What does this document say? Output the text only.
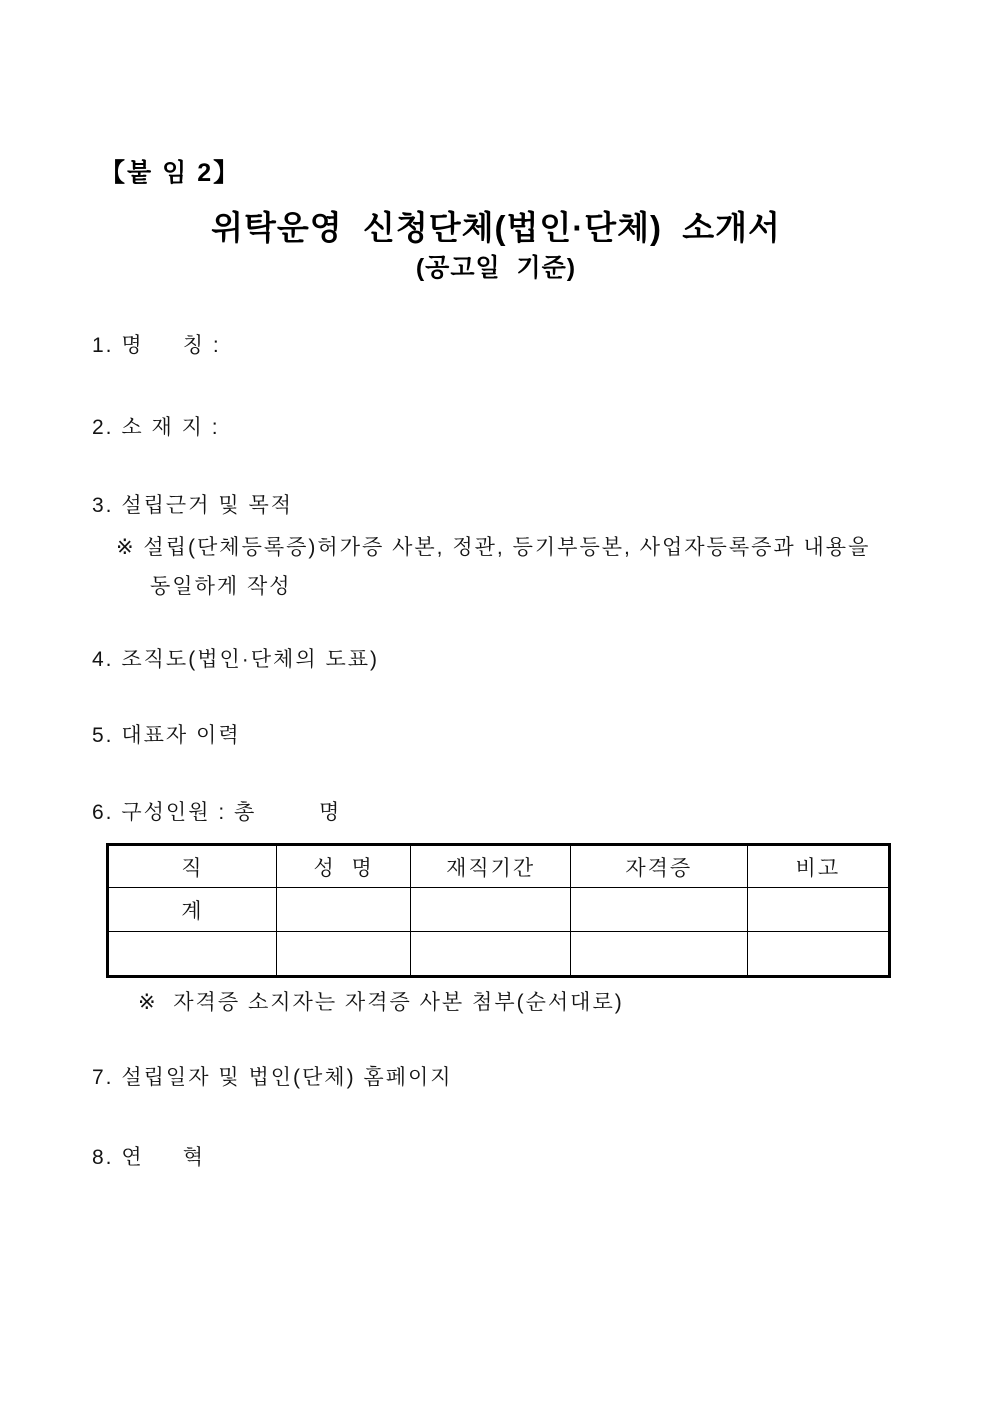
【붙 임 2】
위탁운영  신청단체(법인·단체)  소개서
(공고일  기준)
1. 명     칭 :
2. 소 재 지 :
3. 설립근거 및 목적
※ 설립(단체등록증)허가증 사본, 정관, 등기부등본, 사업자등록증과 내용을
동일하게 작성
4. 조직도(법인·단체의 도표)
5. 대표자 이력
6. 구성인원 : 총        명
직	성  명	재직기간	자격증	비고
계				

※  자격증 소지자는 자격증 사본 첨부(순서대로)
7. 설립일자 및 법인(단체) 홈페이지
8. 연     혁
